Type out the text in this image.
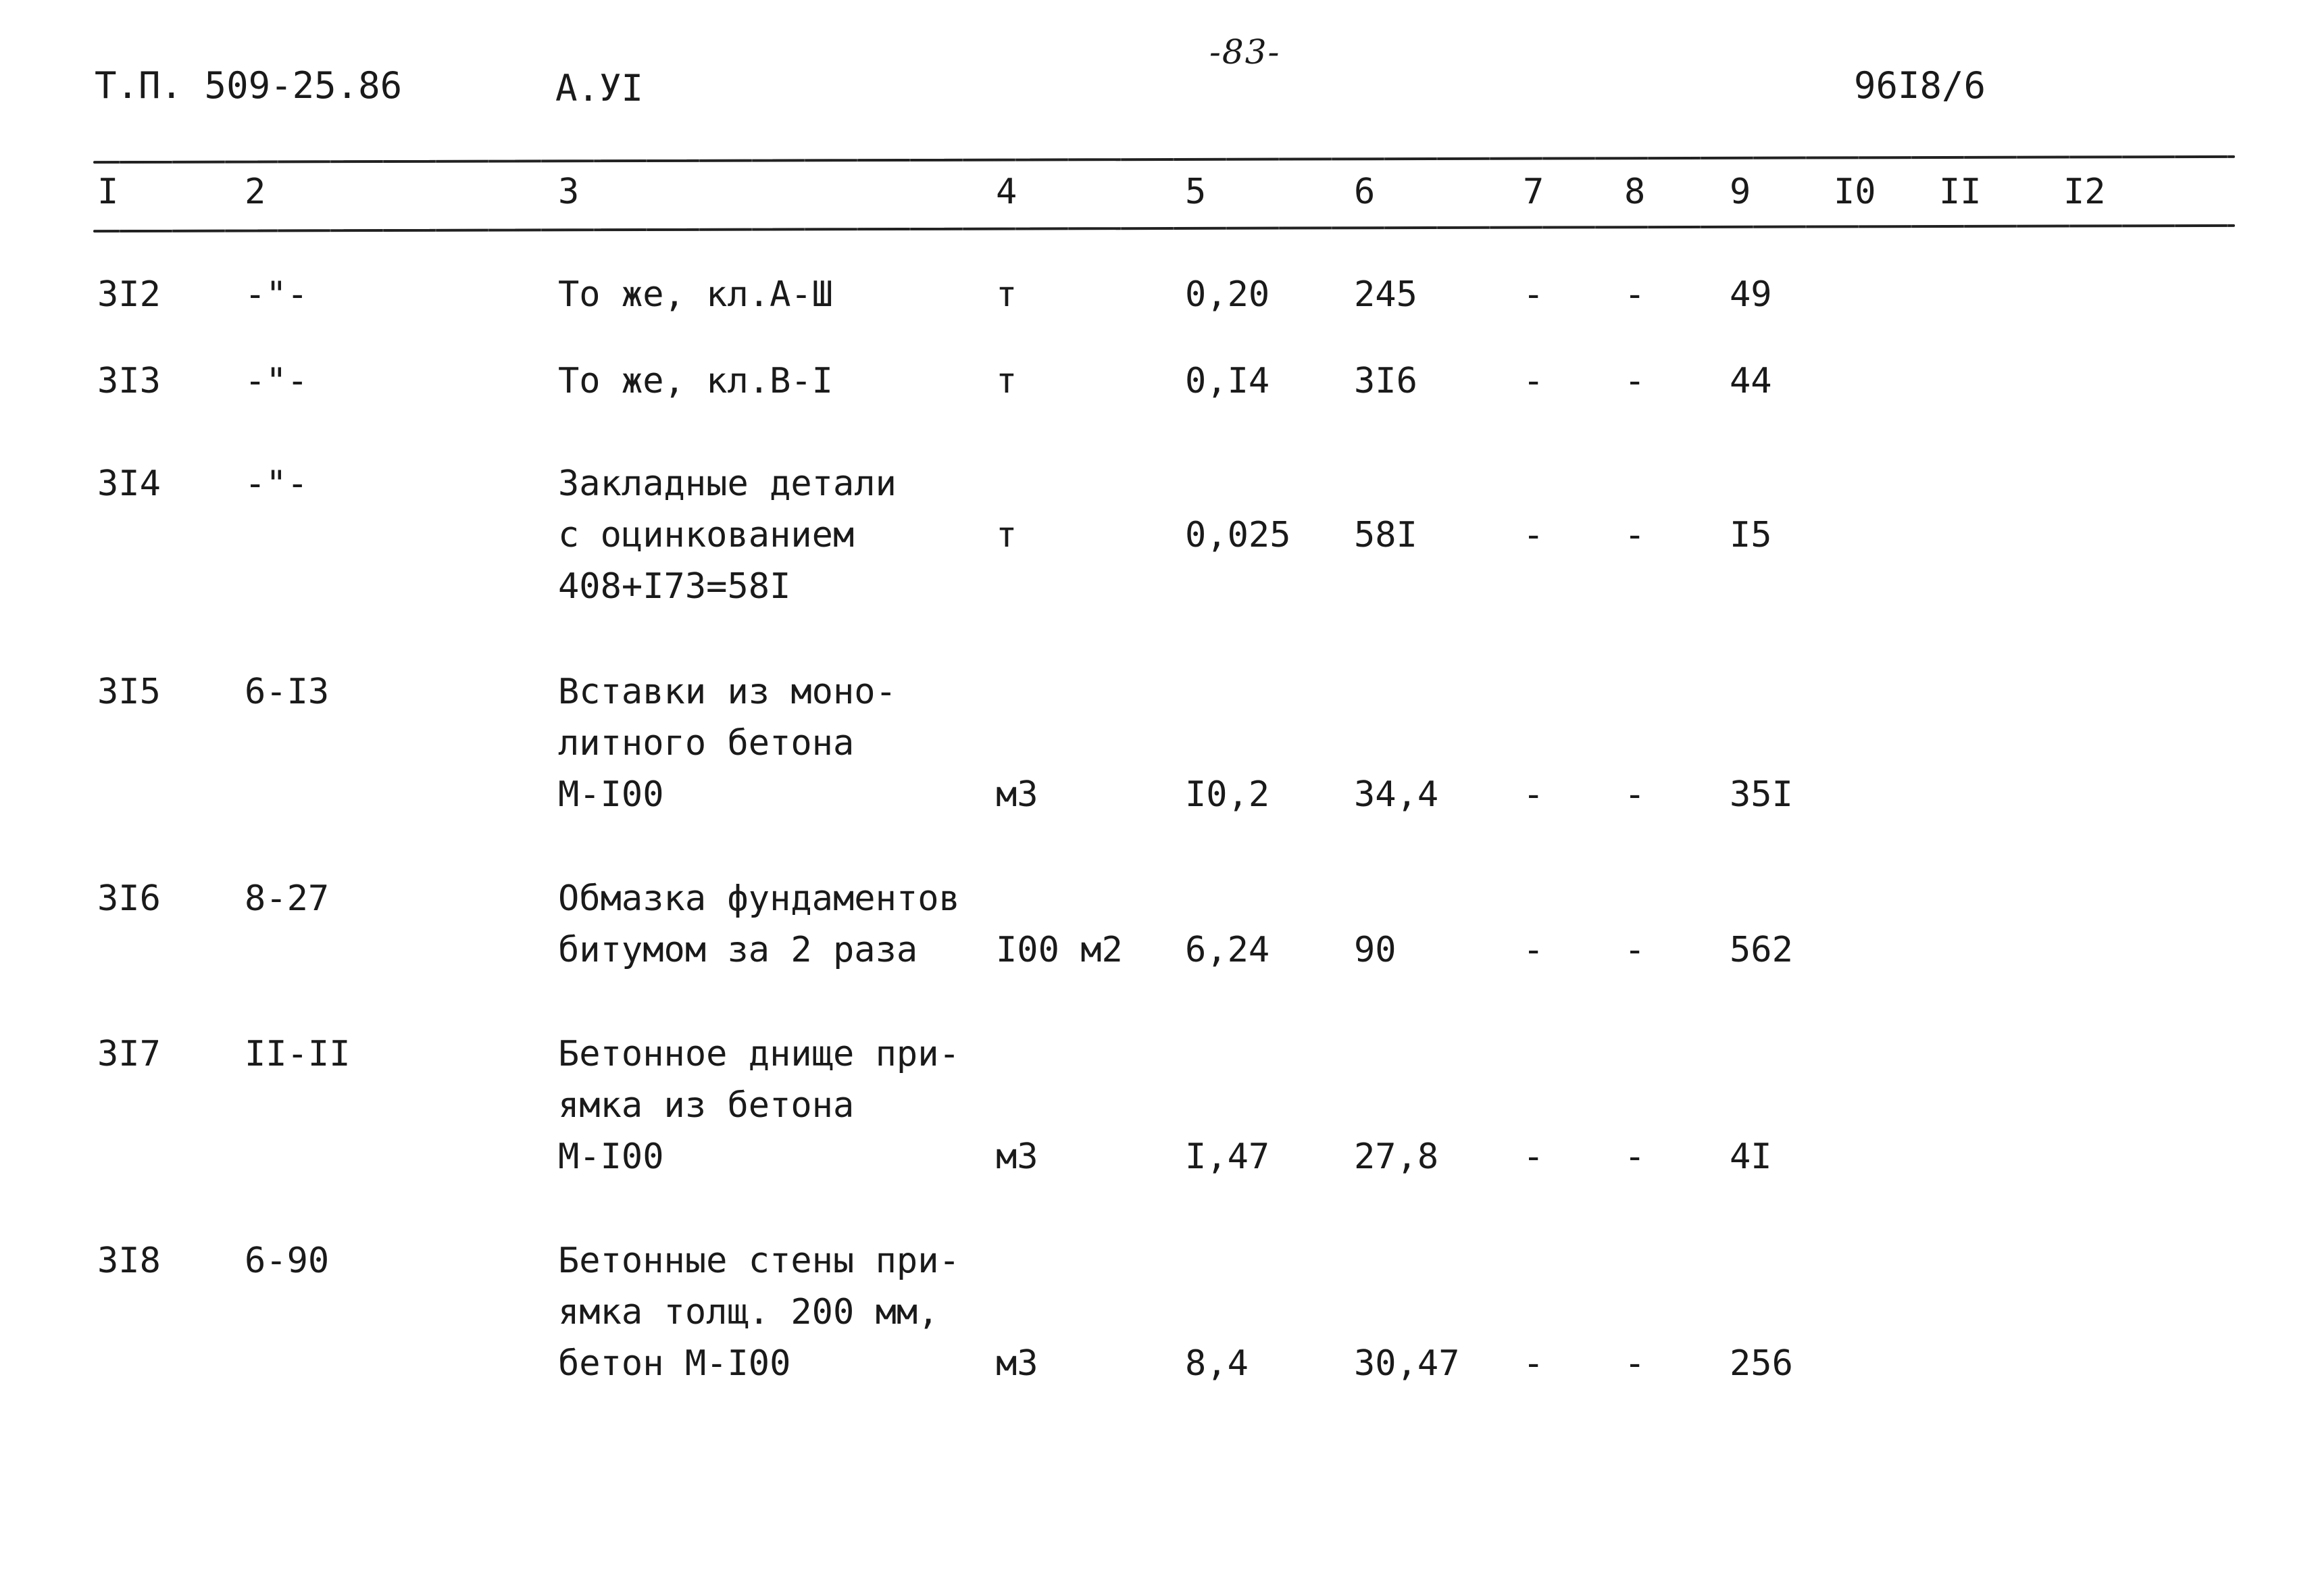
Т.П. 509-25.86	А.УI
-83-
96I8/6
I	2	3	4	5	6	7 8 9 I0 II I2
3I2 -"-	То же, кл.А-Ш	т	0,20 245	- - 49
3I3 -"-	То же, кл.В-I	т	0,I4 3I6	- - 44
3I4 -"-	Закладные детали
с оцинкованием
408+I73=58I
т	0,025 58I	- - I5
3I5 6-I3	Вставки из моно-
литного бетона
М-I00	м3	I0,2 34,4 - - 35I
3I6 8-27	Обмазка фундаментов
битумом за 2 раза	I00 м2 6,24 90	- - 562
3I7 II-II	Бетонное днище при-
ямка из бетона
М-I00	м3	I,47 27,8 - - 4I
3I8 6-90	Бетонные стены при-
ямка толщ. 200 мм,
бетон М-I00	м3	8,4	30,47 - - 256
